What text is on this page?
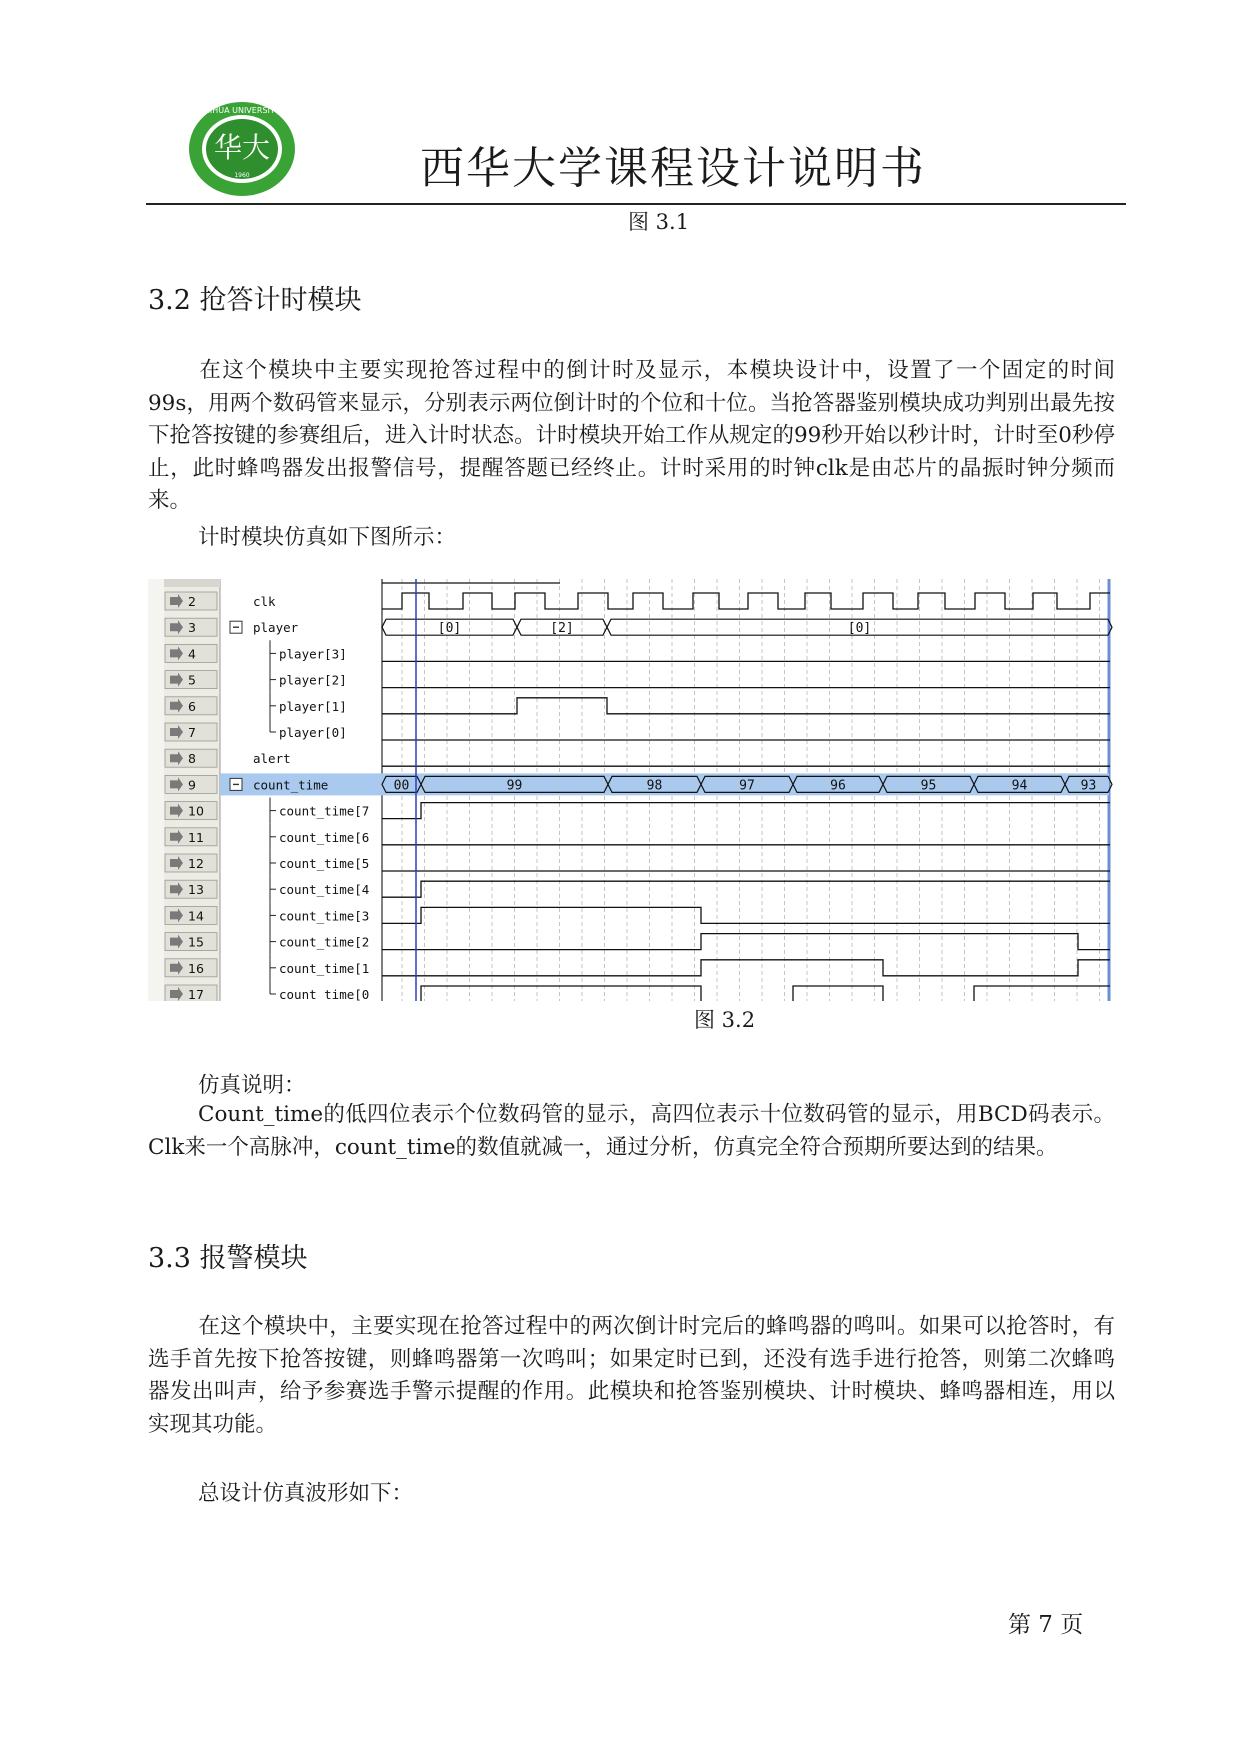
华大
XIHUA UNIVERSITY
1960	西华大学课程设计说明书
图 3.1
3.2 抢答计时模块
在这个模块中主要实现抢答过程中的倒计时及显示，本模块设计中，设置了一个固定的时间99s，用两个数码管来显示，分别表示两位倒计时的个位和十位。当抢答器鉴别模块成功判别出最先按下抢答按键的参赛组后，进入计时状态。计时模块开始工作从规定的99秒开始以秒计时，计时至0秒停止，此时蜂鸣器发出报警信号，提醒答题已经终止。计时采用的时钟clk是由芯片的晶振时钟分频而来。
计时模块仿真如下图所示：
2	clk
3	player
4	player[3]
5	player[2]
6	player[1]
7	player[0]
8	alert
9	count_time
10	count_time[7
11	count_time[6
12	count_time[5
13	count_time[4
14	count_time[3
15	count_time[2
16	count_time[1
17	count_time[0
[0]	[2]	[0]
00	99	98	97	96	95	94	93
图 3.2
仿真说明：
Count_time的低四位表示个位数码管的显示，高四位表示十位数码管的显示，用BCD码表示。Clk来一个高脉冲，count_time的数值就减一，通过分析，仿真完全符合预期所要达到的结果。
3.3 报警模块
在这个模块中，主要实现在抢答过程中的两次倒计时完后的蜂鸣器的鸣叫。如果可以抢答时，有选手首先按下抢答按键，则蜂鸣器第一次鸣叫；如果定时已到，还没有选手进行抢答，则第二次蜂鸣器发出叫声，给予参赛选手警示提醒的作用。此模块和抢答鉴别模块、计时模块、蜂鸣器相连，用以实现其功能。
总设计仿真波形如下：
第 7 页
